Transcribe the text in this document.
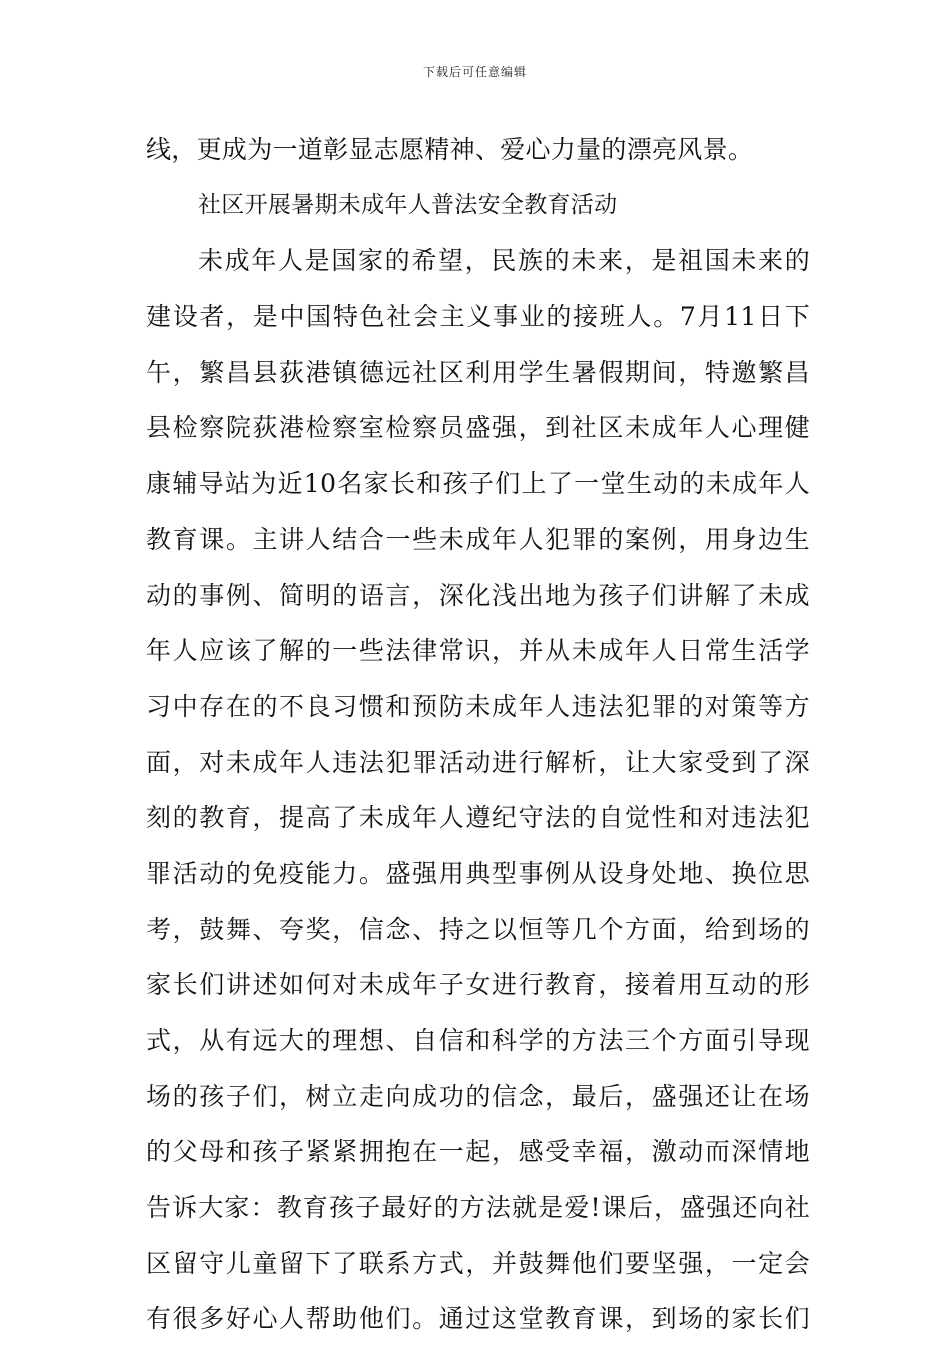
下载后可任意编辑
线，更成为一道彰显志愿精神、爱心力量的漂亮风景。
社区开展暑期未成年人普法安全教育活动
未成年人是国家的希望，民族的未来，是祖国未来的
建设者，是中国特色社会主义事业的接班人。7月11日下
午，繁昌县荻港镇德远社区利用学生暑假期间，特邀繁昌
县检察院荻港检察室检察员盛强，到社区未成年人心理健
康辅导站为近10名家长和孩子们上了一堂生动的未成年人
教育课。主讲人结合一些未成年人犯罪的案例，用身边生
动的事例、简明的语言，深化浅出地为孩子们讲解了未成
年人应该了解的一些法律常识，并从未成年人日常生活学
习中存在的不良习惯和预防未成年人违法犯罪的对策等方
面，对未成年人违法犯罪活动进行解析，让大家受到了深
刻的教育，提高了未成年人遵纪守法的自觉性和对违法犯
罪活动的免疫能力。盛强用典型事例从设身处地、换位思
考，鼓舞、夸奖，信念、持之以恒等几个方面，给到场的
家长们讲述如何对未成年子女进行教育，接着用互动的形
式，从有远大的理想、自信和科学的方法三个方面引导现
场的孩子们，树立走向成功的信念，最后，盛强还让在场
的父母和孩子紧紧拥抱在一起，感受幸福，激动而深情地
告诉大家：教育孩子最好的方法就是爱!课后，盛强还向社
区留守儿童留下了联系方式，并鼓舞他们要坚强，一定会
有很多好心人帮助他们。通过这堂教育课，到场的家长们
